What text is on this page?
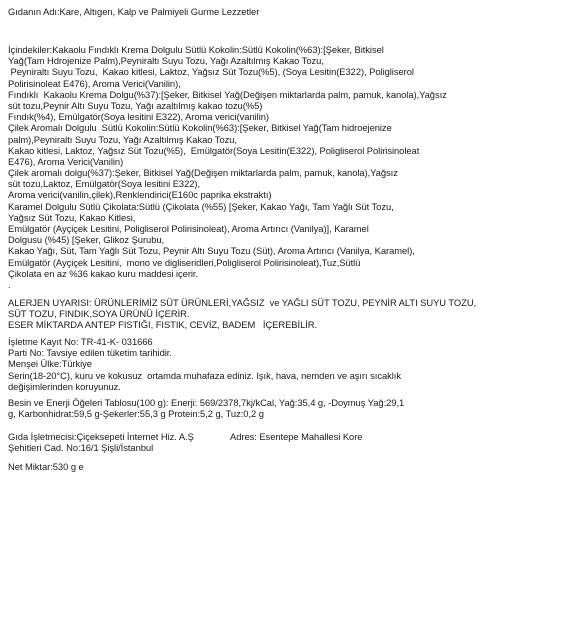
Gıdanın Adı:Kare, Altıgen, Kalp ve Palmiyeli Gurme Lezzetler
İçindekiler:Kakaolu Fındıklı Krema Dolgulu Sütlü Kokolin:Sütlü Kokolin(%63):[Şeker, Bitkisel
Yağ(Tam Hdrojenize Palm),Peyniraltı Suyu Tozu, Yağı Azaltılmış Kakao Tozu,
Peyniraltı Suyu Tozu,  Kakao kitlesi, Laktoz, Yağsız Süt Tozu(%5), (Soya Lesitin(E322), Poligliserol
Polirisinoleat E476), Aroma Verici(Vanilin),
Fındıklı  Kakaolu Krema Dolgu(%37):[Şeker, Bitkisel Yağ(Değişen miktarlarda palm, pamuk, kanola),Yağsız
süt tozu,Peynir Altı Suyu Tozu, Yağı azaltılmış kakao tozu(%5)
Fındık(%4), Emülgatör(Soya lesitini E322), Aroma verici(vanilin)
Çilek Aromalı Dolgulu  Sütlü Kokolin:Sütlü Kokolin(%63):[Şeker, Bitkisel Yağ(Tam hidroejenize
palm),Peyniraltı Suyu Tozu, Yağı Azaltılmış Kakao Tozu,
Kakao kitlesi, Laktoz, Yağsız Süt Tozu(%5),  Emülgatör(Soya Lesitin(E322), Poligliserol Polirisinoleat
E476), Aroma Verici(Vanilin)
Çilek aromalı dolgu(%37):Şeker, Bitkisel Yağ(Değişen miktarlarda palm, pamuk, kanola),Yağsız
süt tozu,Laktoz, Emülgatör(Soya lesitini E322),
Aroma verici(vanilin,çilek),Renklendirici(E160c paprika ekstraktı)
Karamel Dolgulu Sütlü Çikolata:Sütlü (Çikolata (%55) [Şeker, Kakao Yağı, Tam Yağlı Süt Tozu,
Yağsız Süt Tozu, Kakao Kitlesi,
Emülgatör (Ayçiçek Lesitini, Poligliserol Polirisinoleat), Aroma Artırıcı (Vanilya)], Karamel
Dolgusu (%45) [Şeker, Glikoz Şurubu,
Kakao Yağı, Süt, Tam Yağlı Süt Tozu, Peynir Altı Suyu Tozu (Süt), Aroma Artırıcı (Vanilya, Karamel),
Emülgatör (Ayçiçek Lesitini,  mono ve digliseridleri,Poligliserol Polirisinoleat),Tuz,Sütlü
Çikolata en az %36 kakao kuru maddesi içerir.
.
ALERJEN UYARISI: ÜRÜNLERİMİZ SÜT ÜRÜNLERİ,YAĞSIZ  ve YAĞLI SÜT TOZU, PEYNİR ALTI SUYU TOZU,
SÜT TOZU, FINDIK,SOYA ÜRÜNÜ İÇERİR.
ESER MİKTARDA ANTEP FISTIĞI, FISTIK, CEVİZ, BADEM   İÇEREBİLİR.
İşletme Kayıt No: TR-41-K- 031666
Parti No: Tavsiye edilen tüketim tarihidir.
Menşei Ülke:Türkiye
Serin(18-20°C), kuru ve kokusuz  ortamda muhafaza ediniz. Işık, hava, nemden ve aşırı sıcaklık
değişimlerinden koruyunuz.
Besin ve Enerji Öğeleri Tablosu(100 g): Enerji: 569/2378,7kj/kCal, Yağ:35,4 g, -Doymuş Yağ:29,1
g, Karbonhidrat:59,5 g-Şekerler:55,3 g Protein:5,2 g, Tuz:0,2 g
Gıda İşletmecisi:Çiçeksepeti İnternet Hiz. A.Ş	Adres: Esentepe Mahallesi Kore
Şehitleri Cad. No:16/1 Şişli/İstanbul
Net Miktar:530 g e
